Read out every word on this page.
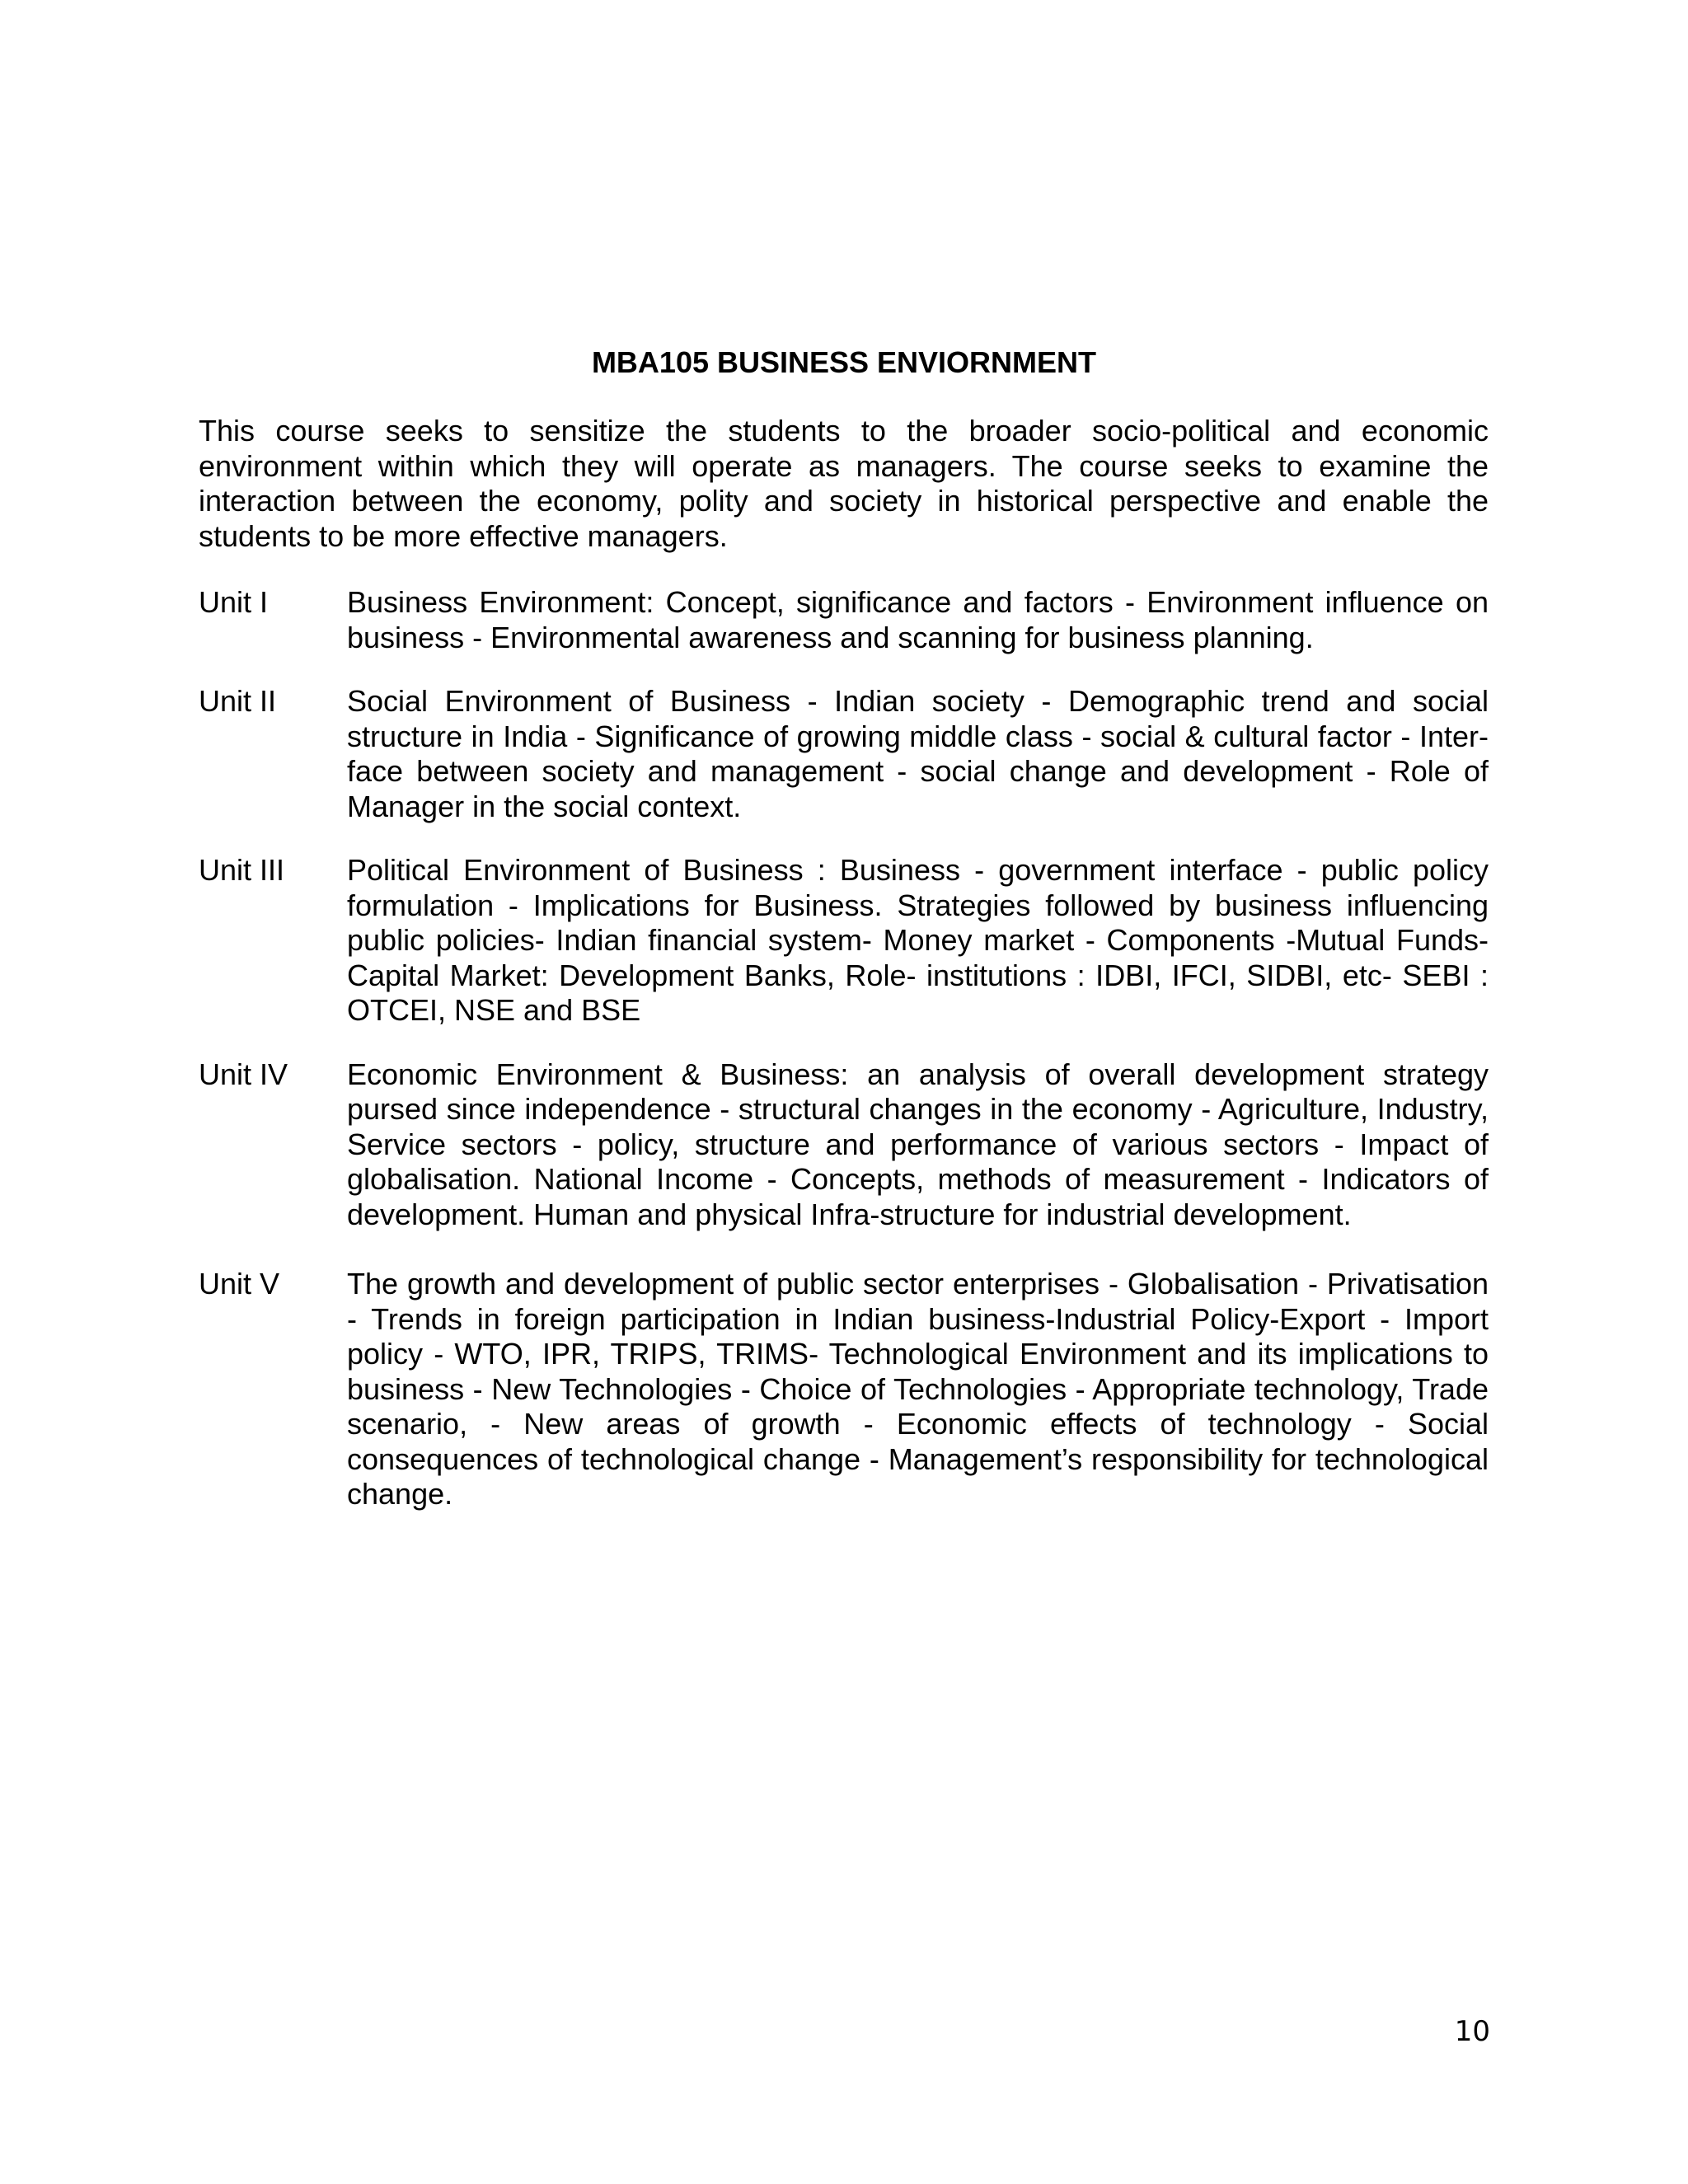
MBA105 BUSINESS ENVIORNMENT

This course seeks to sensitize the students to the broader socio-political and economic environment within which they will operate as managers. The course seeks to examine the interaction between the economy, polity and society in historical perspective and enable the students to be more effective managers.

Unit I	Business Environment: Concept, significance and factors - Environment influence on business - Environmental awareness and scanning for business planning.
Unit II	Social Environment of Business - Indian society - Demographic trend and social structure in India - Significance of growing middle class - social & cultural factor - Inter-face between society and management - social change and development - Role of Manager in the social context.
Unit III	Political Environment of Business : Business - government interface - public policy formulation - Implications for Business. Strategies followed by business influencing public policies- Indian financial system- Money market - Components -Mutual Funds-Capital Market: Development Banks, Role- institutions : IDBI, IFCI, SIDBI, etc- SEBI : OTCEI, NSE and BSE
Unit IV	Economic Environment & Business: an analysis of overall development strategy pursed since independence - structural changes in the economy - Agriculture, Industry, Service sectors - policy, structure and performance of various sectors - Impact of globalisation. National Income - Concepts, methods of measurement - Indicators of development. Human and physical Infra-structure for industrial development.
Unit V	The growth and development of public sector enterprises - Globalisation - Privatisation - Trends in foreign participation in Indian business-Industrial Policy-Export - Import policy - WTO, IPR, TRIPS, TRIMS- Technological Environment and its implications to business - New Technologies - Choice of Technologies - Appropriate technology, Trade scenario, - New areas of growth - Economic effects of technology - Social consequences of technological change - Management’s responsibility for technological change.
10
